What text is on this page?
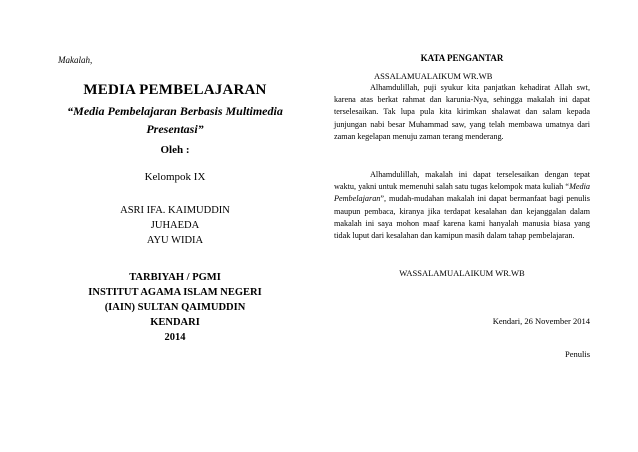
Makalah,
MEDIA PEMBELAJARAN
“Media Pembelajaran Berbasis Multimedia Presentasi”
Oleh :
Kelompok IX
ASRI IFA. KAIMUDDIN
JUHAEDA
AYU WIDIA
TARBIYAH / PGMI
INSTITUT AGAMA ISLAM NEGERI
(IAIN) SULTAN QAIMUDDIN
KENDARI
2014
KATA PENGANTAR
ASSALAMUALAIKUM WR.WB
Alhamdulillah, puji syukur kita panjatkan kehadirat Allah swt, karena atas berkat rahmat dan karunia-Nya, sehingga makalah ini dapat terselesaikan. Tak lupa pula kita kirimkan shalawat dan salam kepada junjungan nabi besar Muhammad saw, yang telah membawa umatnya dari zaman kegelapan menuju zaman terang menderang.
Alhamdulillah, makalah ini dapat terselesaikan dengan tepat waktu, yakni untuk memenuhi salah satu tugas kelompok mata kuliah “Media Pembelajaran”, mudah-mudahan makalah ini dapat bermanfaat bagi penulis maupun pembaca, kiranya jika terdapat kesalahan dan kejanggalan dalam makalah ini saya mohon maaf karena kami hanyalah manusia biasa yang tidak luput dari kesalahan dan kamipun masih dalam tahap pembelajaran.
WASSALAMUALAIKUM WR.WB
Kendari, 26 November 2014
Penulis
